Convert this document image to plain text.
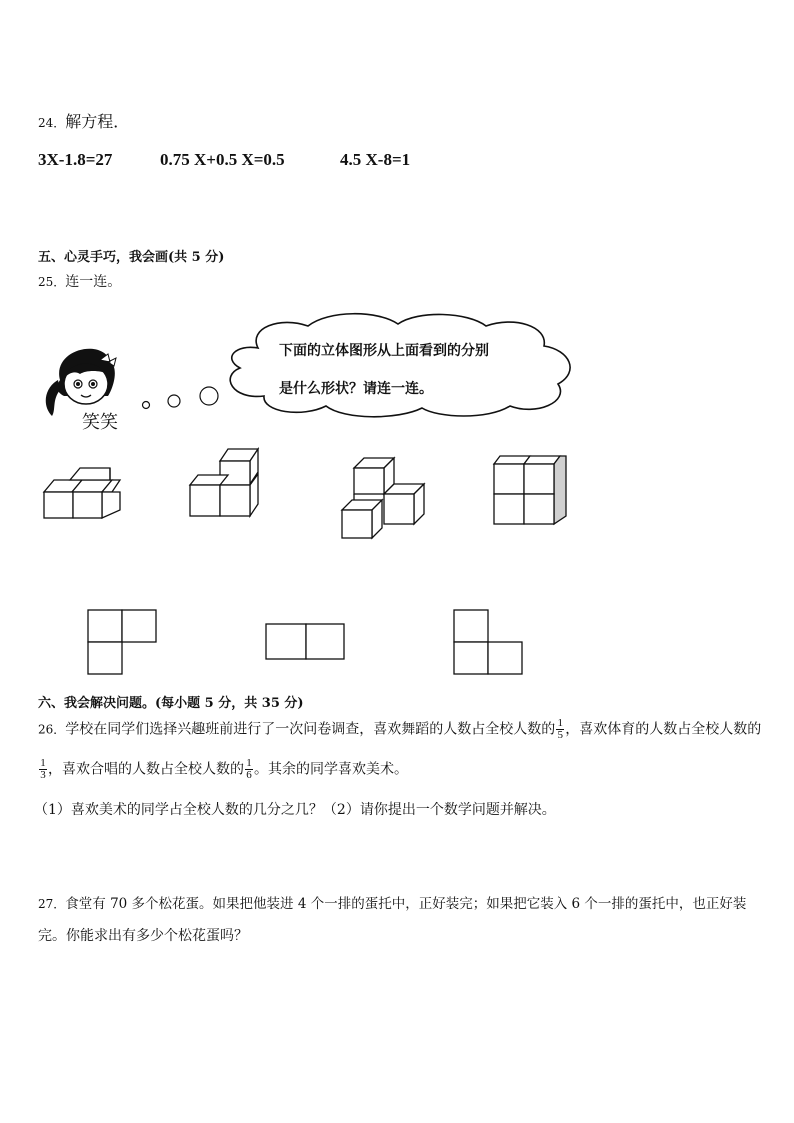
24．解方程．
3X-1.8=27	0.75 X+0.5 X=0.5	4.5 X-8=1
五、心灵手巧，我会画(共 5 分)
25．连一连。
笑笑
下面的立体图形从上面看到的分别
是什么形状？请连一连。
六、我会解决问题。(每小题 5 分，共 35 分)
26．学校在同学们选择兴趣班前进行了一次问卷调查，喜欢舞蹈的人数占全校人数的 $\frac{1}{5}$ ，喜欢体育的人数占全校人数的
$\frac{1}{3}$ ，喜欢合唱的人数占全校人数的 $\frac{1}{6}$ 。其余的同学喜欢美术。
（1）喜欢美术的同学占全校人数的几分之几？（2）请你提出一个数学问题并解决。
27．食堂有 70 多个松花蛋。如果把他装进 4 个一排的蛋托中，正好装完；如果把它装入 6 个一排的蛋托中，也正好装
完。你能求出有多少个松花蛋吗？
